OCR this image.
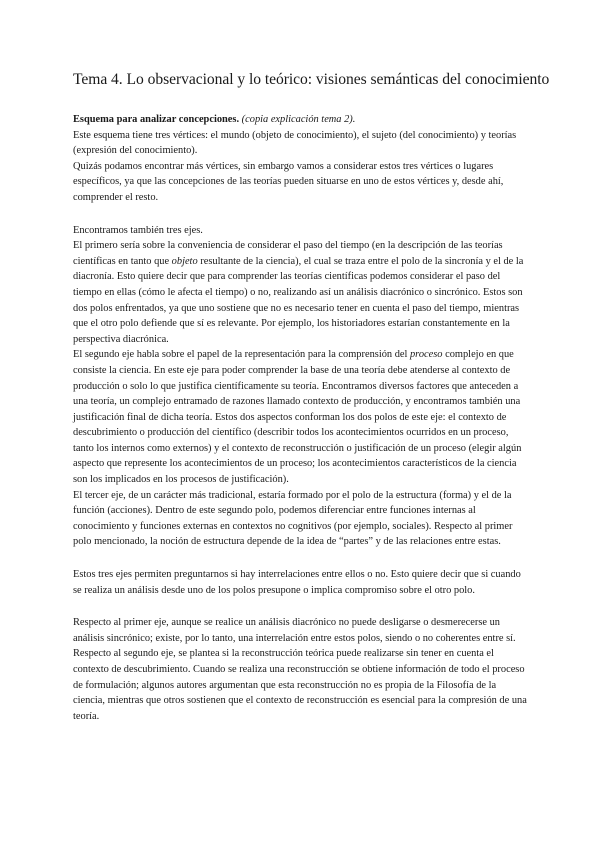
Tema 4. Lo observacional y lo teórico: visiones semánticas del conocimiento

Esquema para analizar concepciones. (copia explicación tema 2).

Este esquema tiene tres vértices: el mundo (objeto de conocimiento), el sujeto (del conocimiento) y teorías (expresión del conocimiento).

Quizás podamos encontrar más vértices, sin embargo vamos a considerar estos tres vértices o lugares específicos, ya que las concepciones de las teorías pueden situarse en uno de estos vértices y, desde ahí, comprender el resto.

Encontramos también tres ejes.

El primero sería sobre la conveniencia de considerar el paso del tiempo (en la descripción de las teorías científicas en tanto que objeto resultante de la ciencia), el cual se traza entre el polo de la sincronía y el de la diacronía. Esto quiere decir que para comprender las teorías científicas podemos considerar el paso del tiempo en ellas (cómo le afecta el tiempo) o no, realizando así un análisis diacrónico o sincrónico. Estos son dos polos enfrentados, ya que uno sostiene que no es necesario tener en cuenta el paso del tiempo, mientras que el otro polo defiende que sí es relevante. Por ejemplo, los historiadores estarían constantemente en la perspectiva diacrónica.

El segundo eje habla sobre el papel de la representación para la comprensión del proceso complejo en que consiste la ciencia. En este eje para poder comprender la base de una teoría debe atenderse al contexto de producción o solo lo que justifica científicamente su teoría. Encontramos diversos factores que anteceden a una teoría, un complejo entramado de razones llamado contexto de producción, y encontramos también una justificación final de dicha teoría. Estos dos aspectos conforman los dos polos de este eje: el contexto de descubrimiento o producción del científico (describir todos los acontecimientos ocurridos en un proceso, tanto los internos como externos) y el contexto de reconstrucción o justificación de un proceso (elegir algún aspecto que represente los acontecimientos de un proceso; los acontecimientos característicos de la ciencia son los implicados en los procesos de justificación).

El tercer eje, de un carácter más tradicional, estaría formado por el polo de la estructura (forma) y el de la función (acciones). Dentro de este segundo polo, podemos diferenciar entre funciones internas al conocimiento y funciones externas en contextos no cognitivos (por ejemplo, sociales). Respecto al primer polo mencionado, la noción de estructura depende de la idea de “partes” y de las relaciones entre estas.

Estos tres ejes permiten preguntarnos si hay interrelaciones entre ellos o no. Esto quiere decir que si cuando se realiza un análisis desde uno de los polos presupone o implica compromiso sobre el otro polo.

Respecto al primer eje, aunque se realice un análisis diacrónico no puede desligarse o desmerecerse un análisis sincrónico; existe, por lo tanto, una interrelación entre estos polos, siendo o no coherentes entre sí.

Respecto al segundo eje, se plantea si la reconstrucción teórica puede realizarse sin tener en cuenta el contexto de descubrimiento. Cuando se realiza una reconstrucción se obtiene información de todo el proceso de formulación; algunos autores argumentan que esta reconstrucción no es propia de la Filosofía de la ciencia, mientras que otros sostienen que el contexto de reconstrucción es esencial para la compresión de una teoría.
